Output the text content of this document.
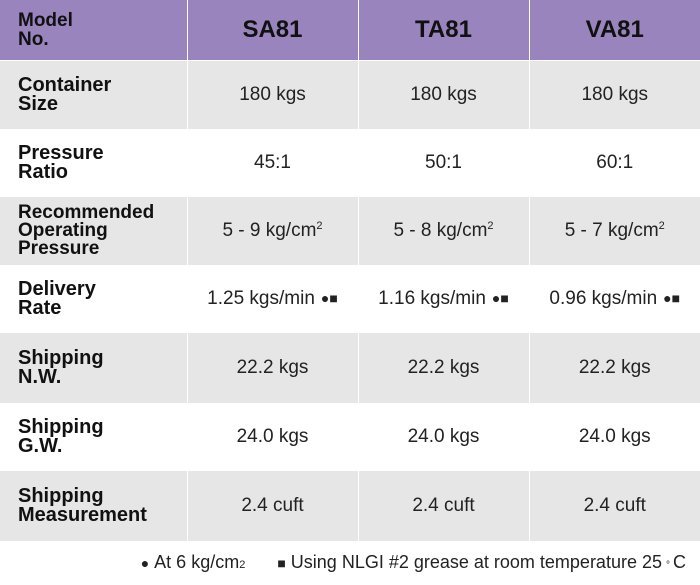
Model
No.	SA81	TA81	VA81

Container
Size	180 kgs	180 kgs	180 kgs

Pressure
Ratio	45:1	50:1	60:1

Recommended
Operating
Pressure	5 - 9 $kg/cm^2$	5 - 8 $kg/cm^2$	5 - 7 $kg/cm^2$

Delivery
Rate	1.25 kgs/min ●■	1.16 kgs/min ●■	0.96 kgs/min ●■

Shipping
N.W.	22.2 kgs	22.2 kgs	22.2 kgs

Shipping
G.W.	24.0 kgs	24.0 kgs	24.0 kgs

Shipping
Measurement	2.4 cuft	2.4 cuft	2.4 cuft
● At 6 kg/cm 2 ■ Using NLGI #2 grease at room temperature 25 ° C
